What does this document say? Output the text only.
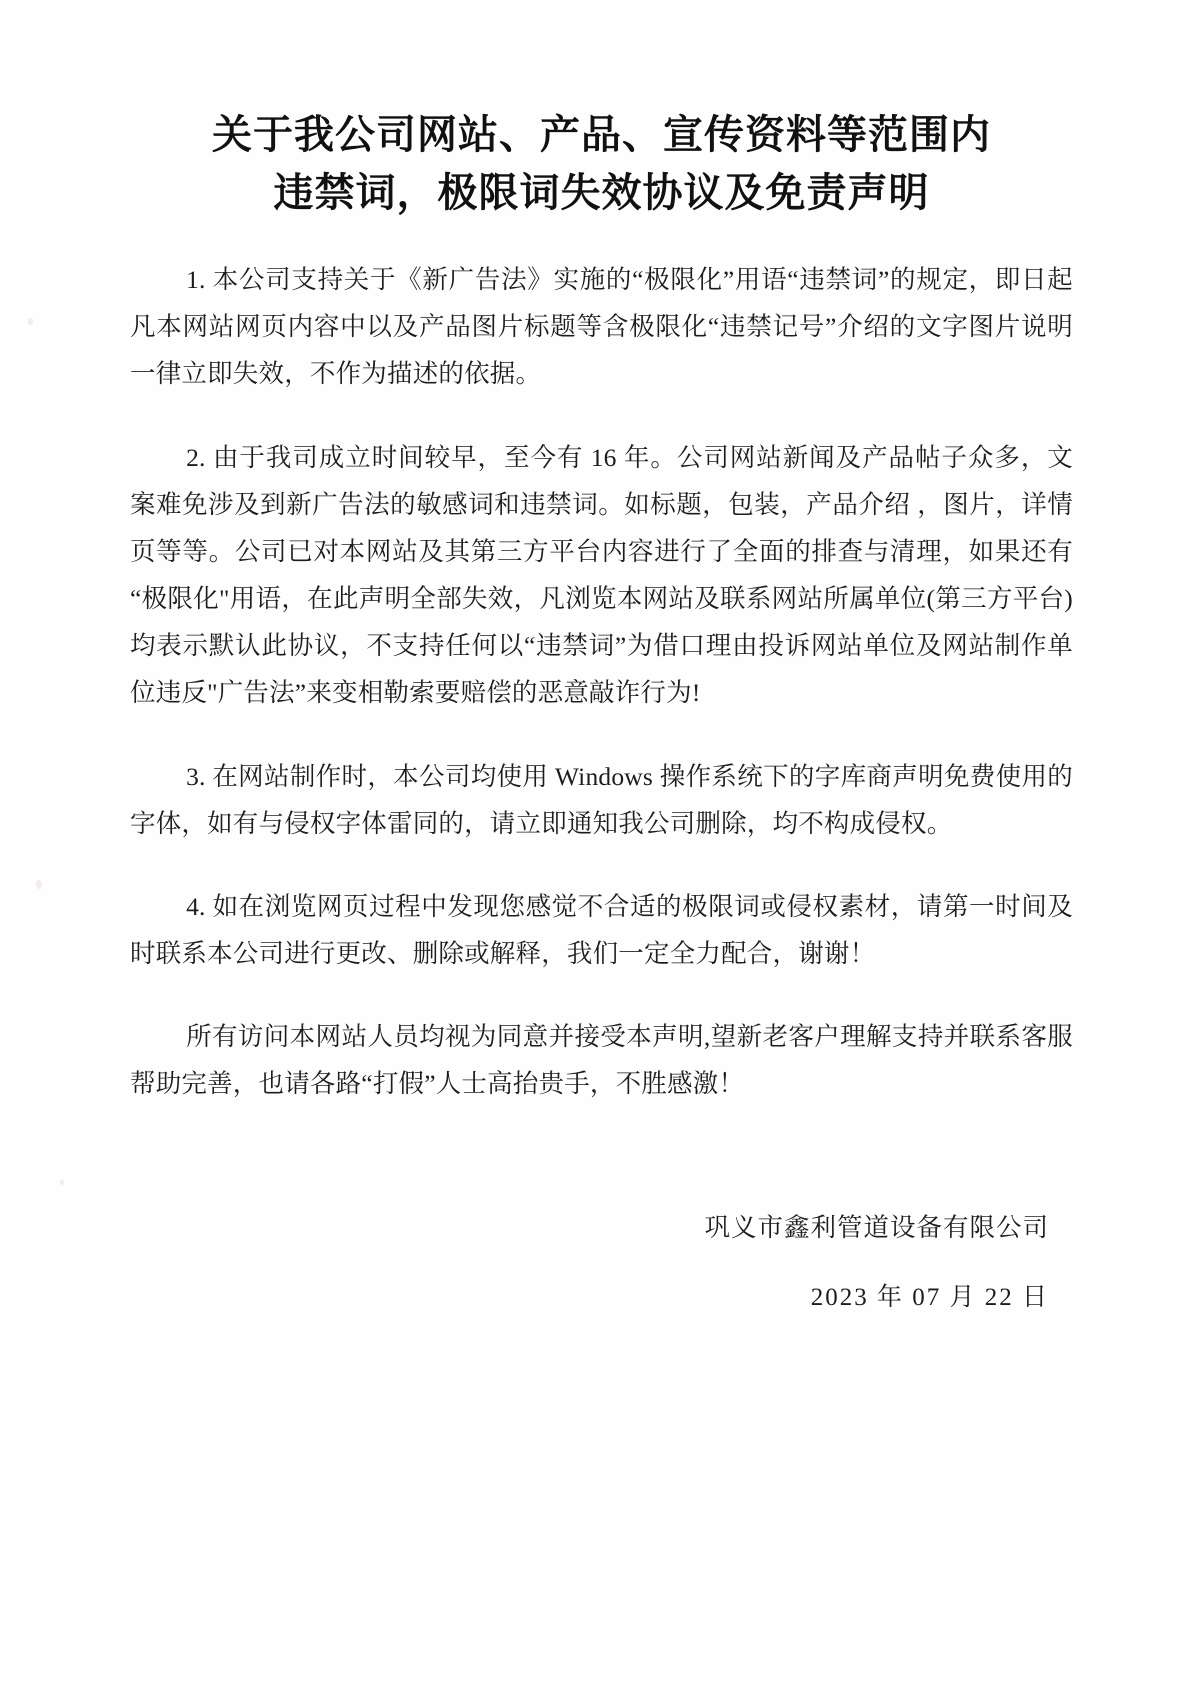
关于我公司网站、产品、宣传资料等范围内
违禁词，极限词失效协议及免责声明

1. 本公司支持关于《新广告法》实施的“极限化”用语“违禁词”的规定，即日起凡本网站网页内容中以及产品图片标题等含极限化“违禁记号”介绍的文字图片说明一律立即失效，不作为描述的依据。

2. 由于我司成立时间较早，至今有 16 年。公司网站新闻及产品帖子众多，文案难免涉及到新广告法的敏感词和违禁词。如标题，包装，产品介绍 ，图片，详情页等等。公司已对本网站及其第三方平台内容进行了全面的排查与清理，如果还有“极限化"用语，在此声明全部失效，凡浏览本网站及联系网站所属单位(第三方平台)均表示默认此协议，不支持任何以“违禁词”为借口理由投诉网站单位及网站制作单位违反"广告法”来变相勒索要赔偿的恶意敲诈行为!

3. 在网站制作时，本公司均使用 Windows 操作系统下的字库商声明免费使用的字体，如有与侵权字体雷同的，请立即通知我公司删除，均不构成侵权。

4. 如在浏览网页过程中发现您感觉不合适的极限词或侵权素材，请第一时间及时联系本公司进行更改、删除或解释，我们一定全力配合，谢谢！

所有访问本网站人员均视为同意并接受本声明,望新老客户理解支持并联系客服帮助完善，也请各路“打假”人士高抬贵手，不胜感激！

巩义市鑫利管道设备有限公司
2023 年 07 月 22 日
